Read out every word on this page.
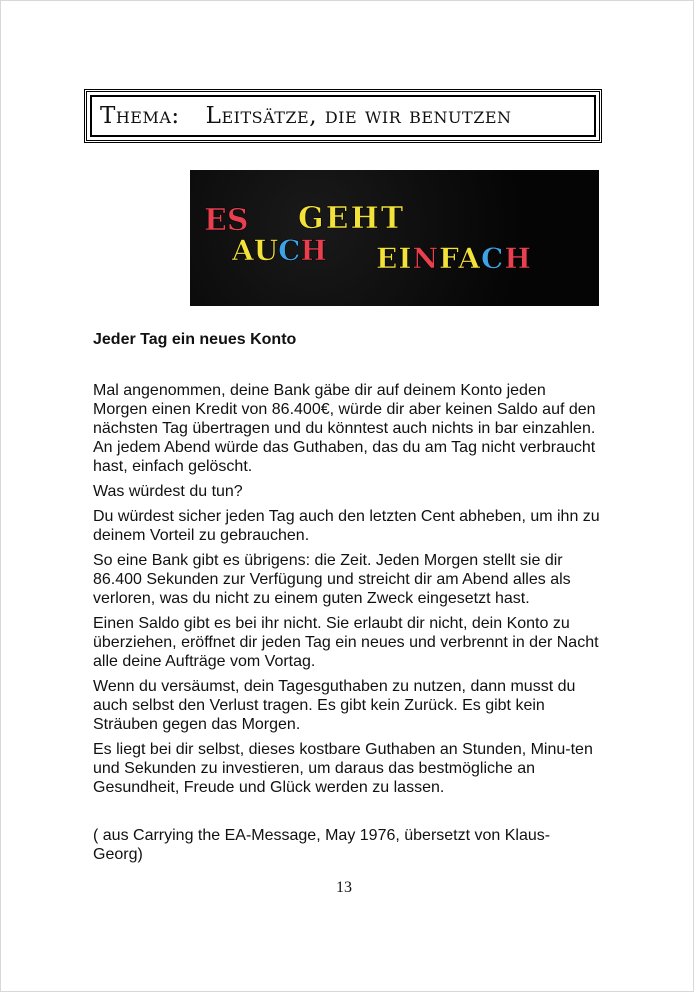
Thema: Leitsätze, die wir benutzen
ES GEHT
AUCH EINFACH

Jeder Tag ein neues Konto

Mal angenommen, deine Bank gäbe dir auf deinem Konto jeden Morgen einen Kredit von 86.400€, würde dir aber keinen Saldo auf den nächsten Tag übertragen und du könntest auch nichts in bar einzahlen. An jedem Abend würde das Guthaben, das du am Tag nicht verbraucht hast, einfach gelöscht.

Was würdest du tun?

Du würdest sicher jeden Tag auch den letzten Cent abheben, um ihn zu deinem Vorteil zu gebrauchen.

So eine Bank gibt es übrigens: die Zeit. Jeden Morgen stellt sie dir 86.400 Sekunden zur Verfügung und streicht dir am Abend alles als verloren, was du nicht zu einem guten Zweck eingesetzt hast.

Einen Saldo gibt es bei ihr nicht. Sie erlaubt dir nicht, dein Konto zu überziehen, eröffnet dir jeden Tag ein neues und verbrennt in der Nacht alle deine Aufträge vom Vortag.

Wenn du versäumst, dein Tagesguthaben zu nutzen, dann musst du auch selbst den Verlust tragen. Es gibt kein Zurück. Es gibt kein Sträuben gegen das Morgen.

Es liegt bei dir selbst, dieses kostbare Guthaben an Stunden, Minu-ten und Sekunden zu investieren, um daraus das bestmögliche an Gesundheit, Freude und Glück werden zu lassen.

( aus Carrying the EA-Message, May 1976, übersetzt von Klaus-Georg)
13
